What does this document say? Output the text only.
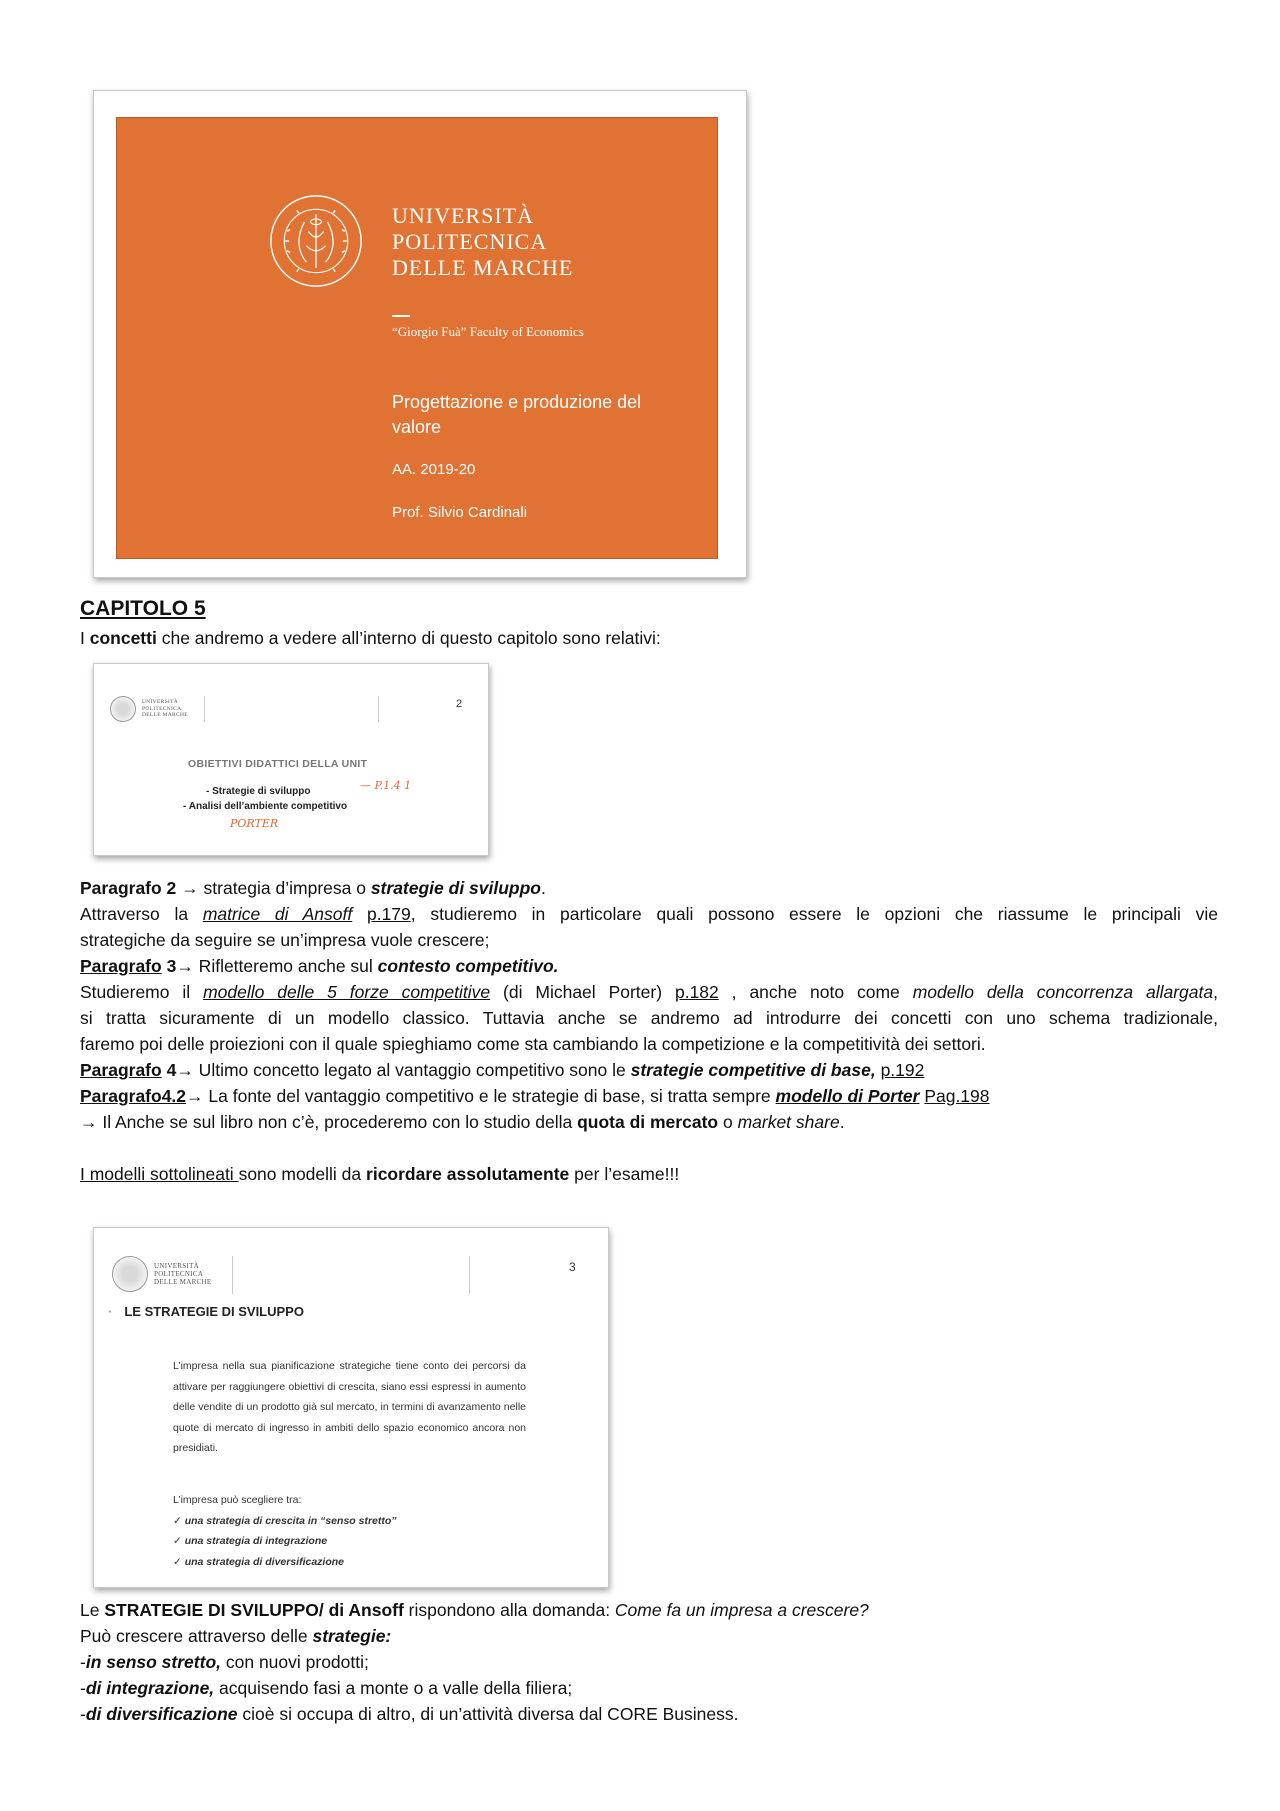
UNIVERSITÀ
POLITECNICA
DELLE MARCHE
“Giorgio Fuà” Faculty of Economics
Progettazione e produzione del valore
AA. 2019-20
Prof. Silvio Cardinali
CAPITOLO 5
I concetti che andremo a vedere all’interno di questo capitolo sono relativi:
UNIVERSITÀ
POLITECNICA
DELLE MARCHE
2
OBIETTIVI DIDATTICI DELLA UNIT
- Strategie di sviluppo
- Analisi dell’ambiente competitivo
— P.1.4 1
PORTER
Paragrafo 2 → strategia d’impresa o strategie di sviluppo.
Attraverso la matrice di Ansoff p.179, studieremo in particolare quali possono essere le opzioni che riassume le principali vie
strategiche da seguire se un’impresa vuole crescere;
Paragrafo 3→ Rifletteremo anche sul contesto competitivo.
Studieremo il modello delle 5 forze competitive (di Michael Porter) p.182 , anche noto come modello della concorrenza allargata,
si tratta sicuramente di un modello classico. Tuttavia anche se andremo ad introdurre dei concetti con uno schema tradizionale,
faremo poi delle proiezioni con il quale spieghiamo come sta cambiando la competizione e la competitività dei settori.
Paragrafo 4→ Ultimo concetto legato al vantaggio competitivo sono le strategie competitive di base, p.192
Paragrafo4.2→ La fonte del vantaggio competitivo e le strategie di base, si tratta sempre modello di Porter Pag.198
→ Il Anche se sul libro non c’è, procederemo con lo studio della quota di mercato o market share.
I modelli sottolineati sono modelli da ricordare assolutamente per l’esame!!!
UNIVERSITÀ
POLITECNICA
DELLE MARCHE
3
· LE STRATEGIE DI SVILUPPO
L’impresa nella sua pianificazione strategiche tiene conto dei percorsi da attivare per raggiungere obiettivi di crescita, siano essi espressi in aumento delle vendite di un prodotto già sul mercato, in termini di avanzamento nelle quote di mercato di ingresso in ambiti dello spazio economico ancora non presidiati.
L’impresa può scegliere tra:
✓ una strategia di crescita in “senso stretto”
✓ una strategia di integrazione
✓ una strategia di diversificazione
Le STRATEGIE DI SVILUPPO/ di Ansoff rispondono alla domanda: Come fa un impresa a crescere?
Può crescere attraverso delle strategie:
-in senso stretto, con nuovi prodotti;
-di integrazione, acquisendo fasi a monte o a valle della filiera;
-di diversificazione cioè si occupa di altro, di un’attività diversa dal CORE Business.
